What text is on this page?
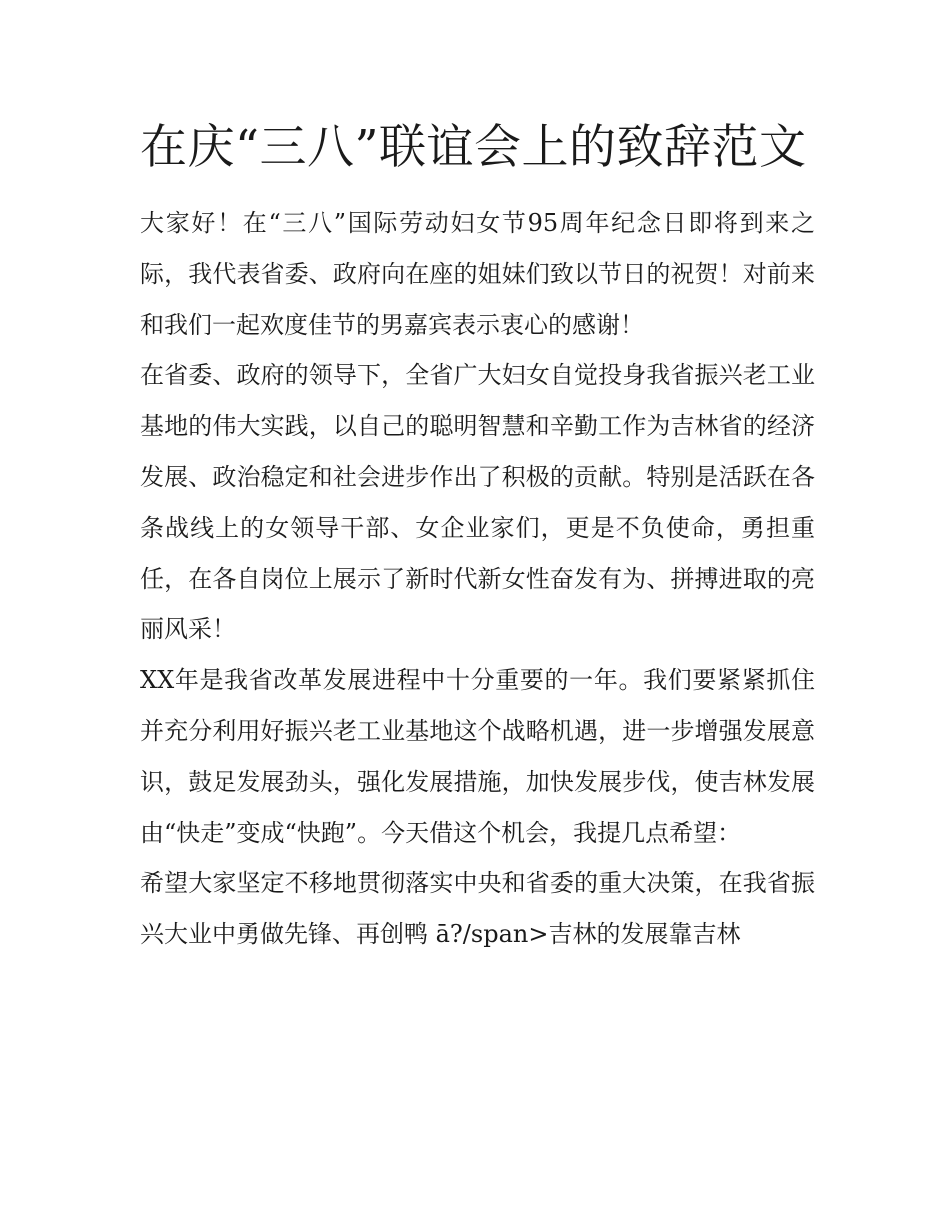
在庆“三八”联谊会上的致辞范文

大家好！在“三八”国际劳动妇女节95周年纪念日即将到来之际，我代表省委、政府向在座的姐妹们致以节日的祝贺！对前来和我们一起欢度佳节的男嘉宾表示衷心的感谢！

在省委、政府的领导下，全省广大妇女自觉投身我省振兴老工业基地的伟大实践，以自己的聪明智慧和辛勤工作为吉林省的经济发展、政治稳定和社会进步作出了积极的贡献。特别是活跃在各条战线上的女领导干部、女企业家们，更是不负使命，勇担重任，在各自岗位上展示了新时代新女性奋发有为、拼搏进取的亮丽风采！

XX年是我省改革发展进程中十分重要的一年。我们要紧紧抓住并充分利用好振兴老工业基地这个战略机遇，进一步增强发展意识，鼓足发展劲头，强化发展措施，加快发展步伐，使吉林发展由“快走”变成“快跑”。今天借这个机会，我提几点希望：

希望大家坚定不移地贯彻落实中央和省委的重大决策，在我省振兴大业中勇做先锋、再创鸭 ā?/span>吉林的发展靠吉林
